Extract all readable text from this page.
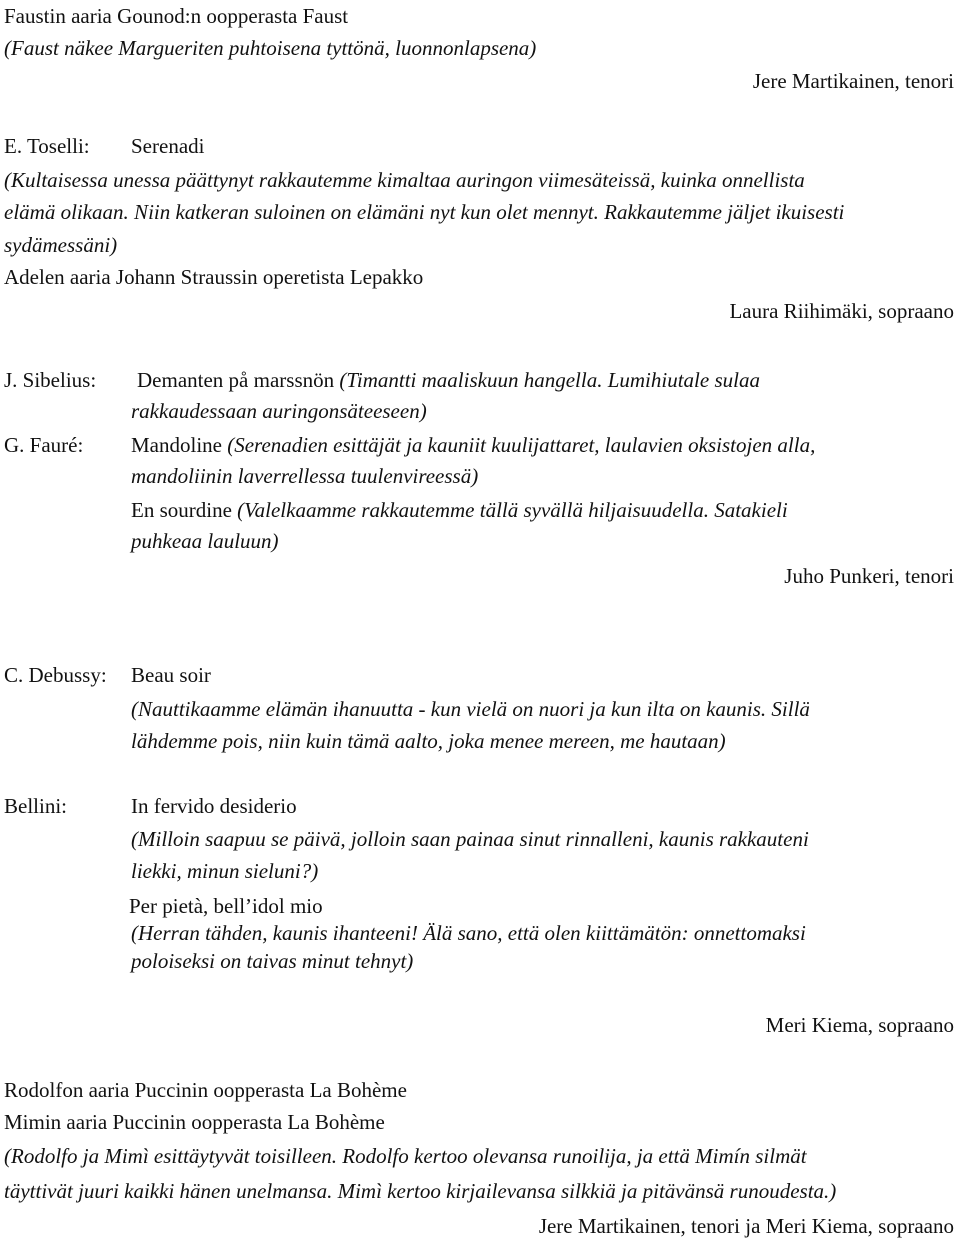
Faustin aaria Gounod:n oopperasta Faust
(Faust näkee Margueriten puhtoisena tyttönä, luonnonlapsena)
Jere Martikainen, tenori
E. Toselli: Serenadi
(Kultaisessa unessa päättynyt rakkautemme kimaltaa auringon viimesäteissä, kuinka onnellista
elämä olikaan. Niin katkeran suloinen on elämäni nyt kun olet mennyt. Rakkautemme jäljet ikuisesti
sydämessäni)
Adelen aaria Johann Straussin operetista Lepakko
Laura Riihimäki, sopraano
J. Sibelius: Demanten på marssnön (Timantti maaliskuun hangella. Lumihiutale sulaa
rakkaudessaan auringonsäteeseen)
G. Fauré: Mandoline (Serenadien esittäjät ja kauniit kuulijattaret, laulavien oksistojen alla,
mandoliinin laverrellessa tuulenvireessä)
En sourdine (Valelkaamme rakkautemme tällä syvällä hiljaisuudella. Satakieli
puhkeaa lauluun)
Juho Punkeri, tenori
C. Debussy: Beau soir
(Nauttikaamme elämän ihanuutta - kun vielä on nuori ja kun ilta on kaunis. Sillä
lähdemme pois, niin kuin tämä aalto, joka menee mereen, me hautaan)
Bellini:	In fervido desiderio
(Milloin saapuu se päivä, jolloin saan painaa sinut rinnalleni, kaunis rakkauteni
liekki, minun sieluni?)
Per pietà, bell’idol mio
(Herran tähden, kaunis ihanteeni! Älä sano, että olen kiittämätön: onnettomaksi
poloiseksi on taivas minut tehnyt)
Meri Kiema, sopraano
Rodolfon aaria Puccinin oopperasta La Bohème
Mimin aaria Puccinin oopperasta La Bohème
(Rodolfo ja Mimì esittäytyvät toisilleen. Rodolfo kertoo olevansa runoilija, ja että Mimín silmät
täyttivät juuri kaikki hänen unelmansa. Mimì kertoo kirjailevansa silkkiä ja pitävänsä runoudesta.)
Jere Martikainen, tenori ja Meri Kiema, sopraano
